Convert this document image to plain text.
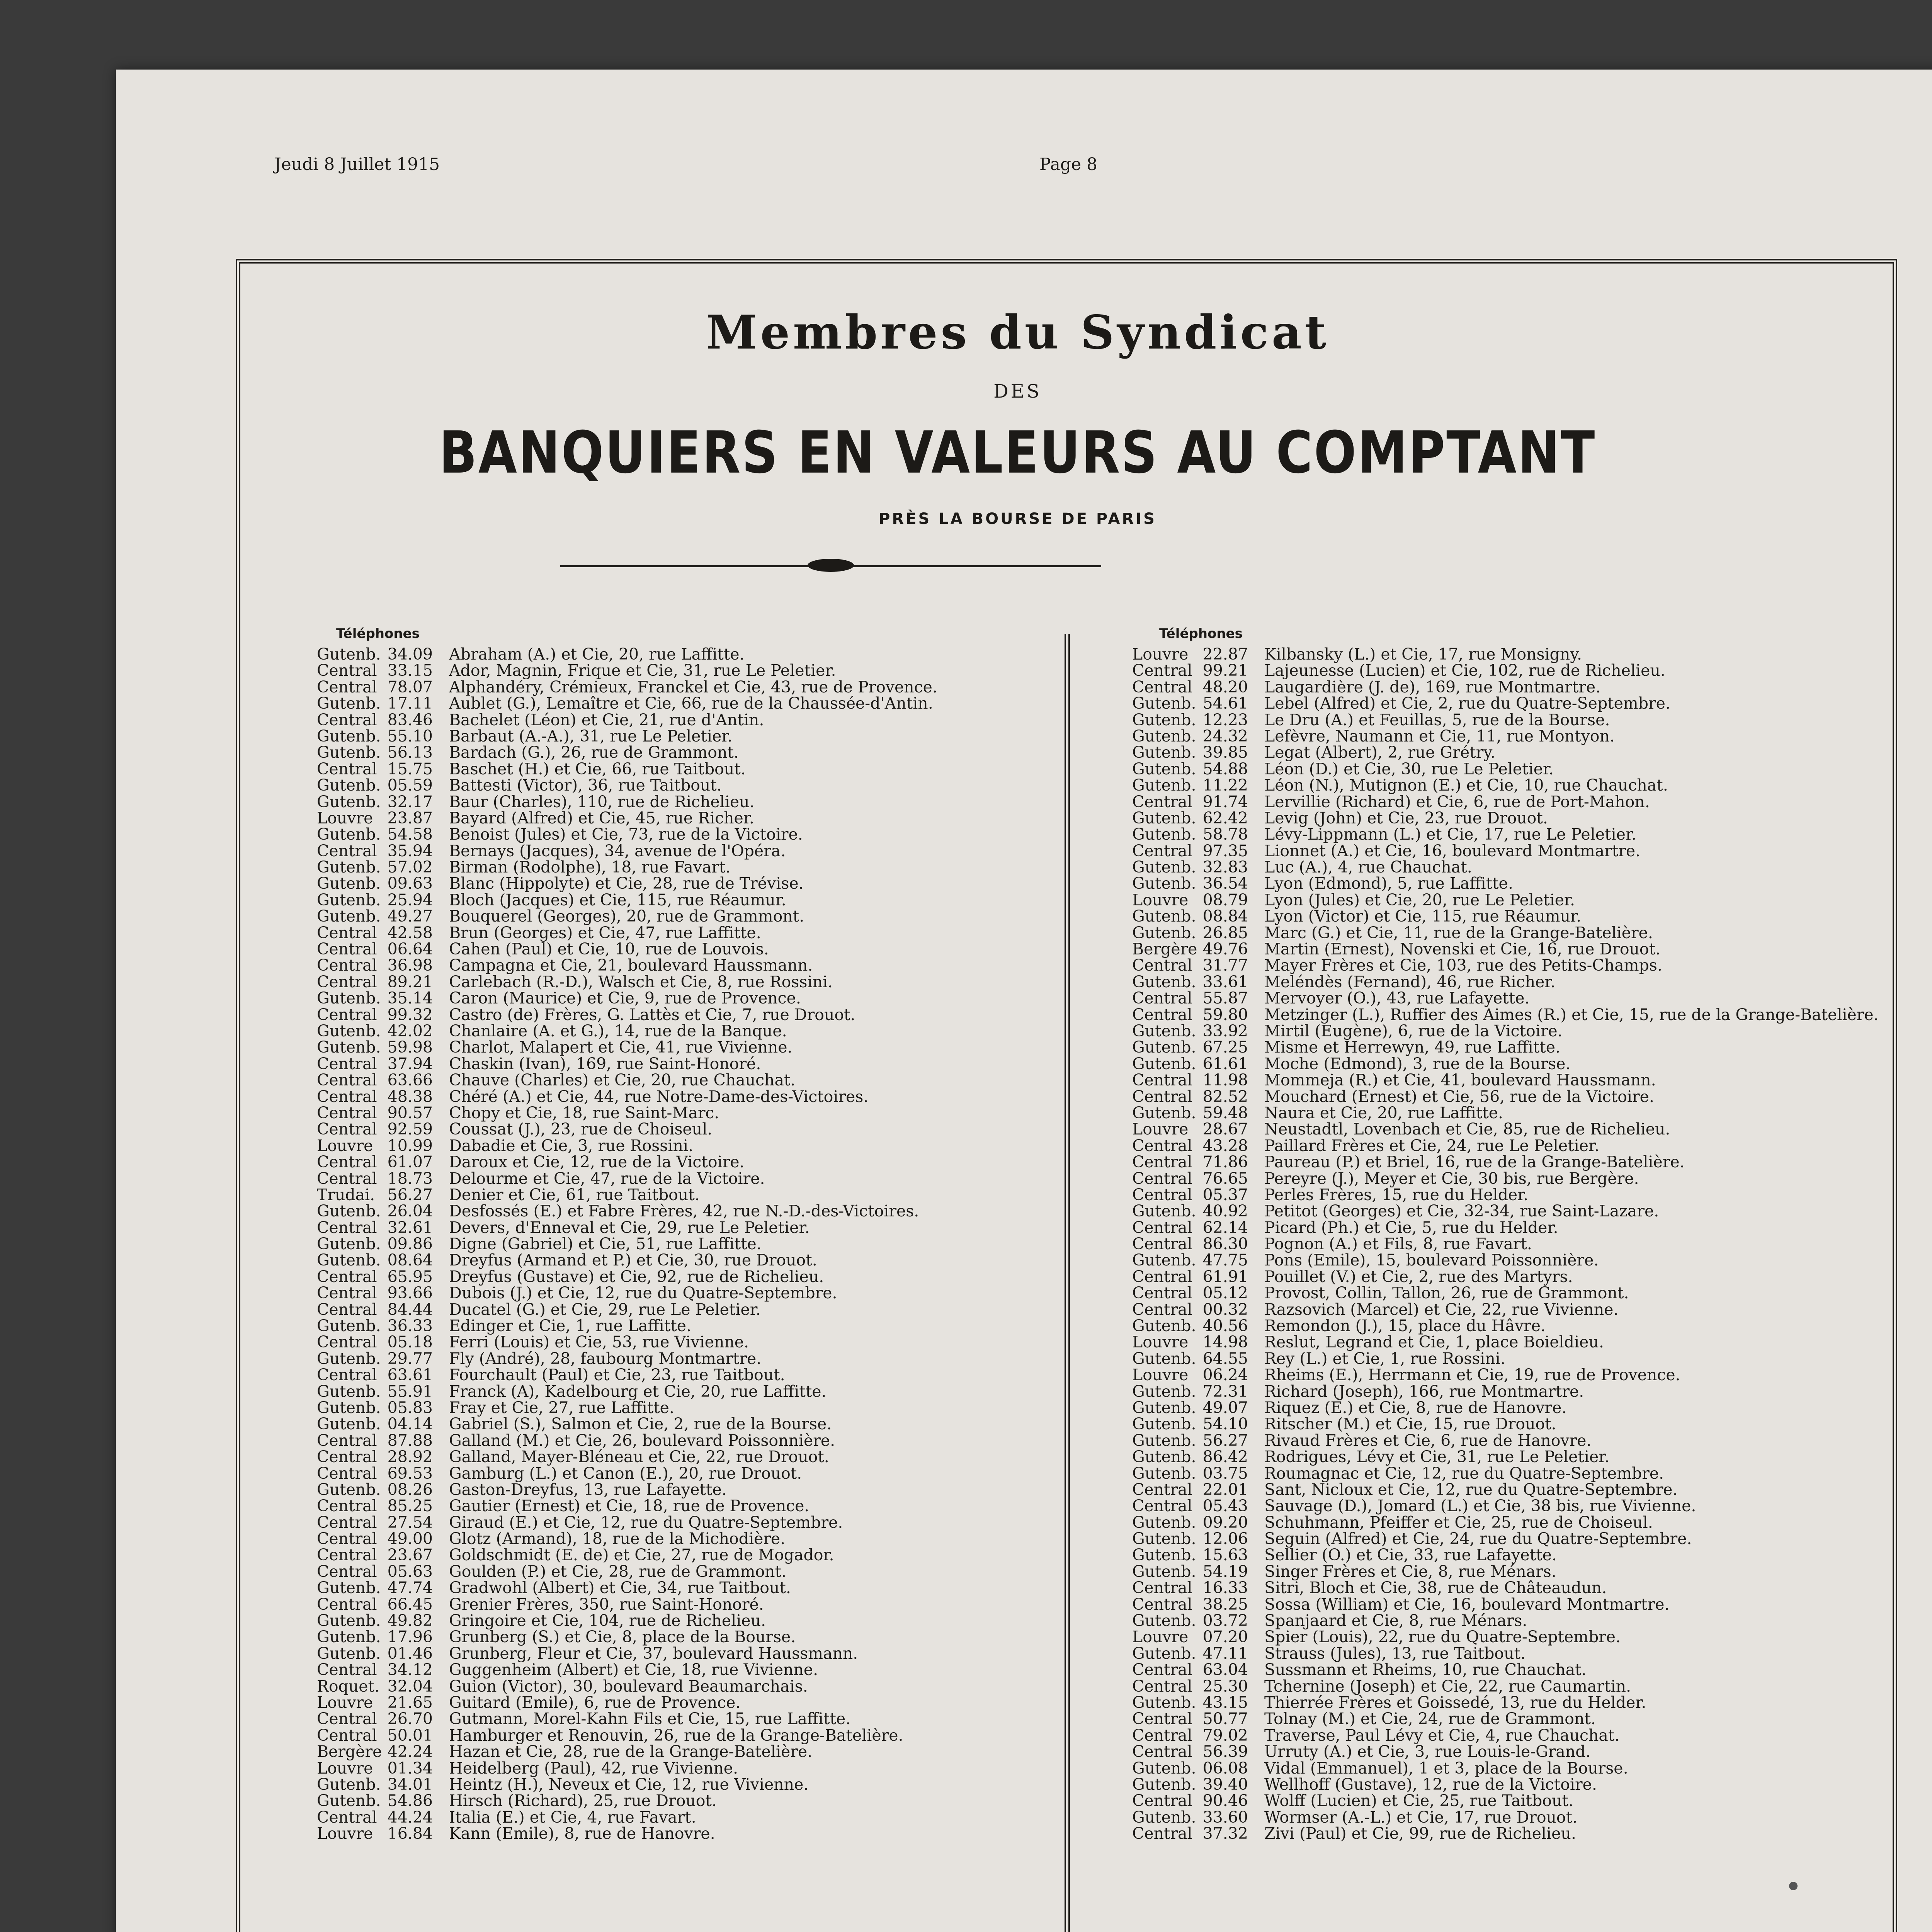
Jeudi 8 Juillet 1915	Page 8
Membres du Syndicat
DES
BANQUIERS EN VALEURS AU COMPTANT
PRÈS LA BOURSE DE PARIS
Téléphones	Téléphones
Gutenb. 34.09 Abraham (A.) et Cie, 20, rue Laffitte.
Central 33.15 Ador, Magnin, Frique et Cie, 31, rue Le Peletier.
Central 78.07 Alphandéry, Crémieux, Franckel et Cie, 43, rue de Provence.
Gutenb. 17.11 Aublet (G.), Lemaître et Cie, 66, rue de la Chaussée-d'Antin.
Central 83.46 Bachelet (Léon) et Cie, 21, rue d'Antin.
Gutenb. 55.10 Barbaut (A.-A.), 31, rue Le Peletier.
Gutenb. 56.13 Bardach (G.), 26, rue de Grammont.
Central 15.75 Baschet (H.) et Cie, 66, rue Taitbout.
Gutenb. 05.59 Battesti (Victor), 36, rue Taitbout.
Gutenb. 32.17 Baur (Charles), 110, rue de Richelieu.
Louvre 23.87 Bayard (Alfred) et Cie, 45, rue Richer.
Gutenb. 54.58 Benoist (Jules) et Cie, 73, rue de la Victoire.
Central 35.94 Bernays (Jacques), 34, avenue de l'Opéra.
Gutenb. 57.02 Birman (Rodolphe), 18, rue Favart.
Gutenb. 09.63 Blanc (Hippolyte) et Cie, 28, rue de Trévise.
Gutenb. 25.94 Bloch (Jacques) et Cie, 115, rue Réaumur.
Gutenb. 49.27 Bouquerel (Georges), 20, rue de Grammont.
Central 42.58 Brun (Georges) et Cie, 47, rue Laffitte.
Central 06.64 Cahen (Paul) et Cie, 10, rue de Louvois.
Central 36.98 Campagna et Cie, 21, boulevard Haussmann.
Central 89.21 Carlebach (R.-D.), Walsch et Cie, 8, rue Rossini.
Gutenb. 35.14 Caron (Maurice) et Cie, 9, rue de Provence.
Central 99.32 Castro (de) Frères, G. Lattès et Cie, 7, rue Drouot.
Gutenb. 42.02 Chanlaire (A. et G.), 14, rue de la Banque.
Gutenb. 59.98 Charlot, Malapert et Cie, 41, rue Vivienne.
Central 37.94 Chaskin (Ivan), 169, rue Saint-Honoré.
Central 63.66 Chauve (Charles) et Cie, 20, rue Chauchat.
Central 48.38 Chéré (A.) et Cie, 44, rue Notre-Dame-des-Victoires.
Central 90.57 Chopy et Cie, 18, rue Saint-Marc.
Central 92.59 Coussat (J.), 23, rue de Choiseul.
Louvre 10.99 Dabadie et Cie, 3, rue Rossini.
Central 61.07 Daroux et Cie, 12, rue de la Victoire.
Central 18.73 Delourme et Cie, 47, rue de la Victoire.
Trudai. 56.27 Denier et Cie, 61, rue Taitbout.
Gutenb. 26.04 Desfossés (E.) et Fabre Frères, 42, rue N.-D.-des-Victoires.
Central 32.61 Devers, d'Enneval et Cie, 29, rue Le Peletier.
Gutenb. 09.86 Digne (Gabriel) et Cie, 51, rue Laffitte.
Gutenb. 08.64 Dreyfus (Armand et P.) et Cie, 30, rue Drouot.
Central 65.95 Dreyfus (Gustave) et Cie, 92, rue de Richelieu.
Central 93.66 Dubois (J.) et Cie, 12, rue du Quatre-Septembre.
Central 84.44 Ducatel (G.) et Cie, 29, rue Le Peletier.
Gutenb. 36.33 Edinger et Cie, 1, rue Laffitte.
Central 05.18 Ferri (Louis) et Cie, 53, rue Vivienne.
Gutenb. 29.77 Fly (André), 28, faubourg Montmartre.
Central 63.61 Fourchault (Paul) et Cie, 23, rue Taitbout.
Gutenb. 55.91 Franck (A), Kadelbourg et Cie, 20, rue Laffitte.
Gutenb. 05.83 Fray et Cie, 27, rue Laffitte.
Gutenb. 04.14 Gabriel (S.), Salmon et Cie, 2, rue de la Bourse.
Central 87.88 Galland (M.) et Cie, 26, boulevard Poissonnière.
Central 28.92 Galland, Mayer-Bléneau et Cie, 22, rue Drouot.
Central 69.53 Gamburg (L.) et Canon (E.), 20, rue Drouot.
Gutenb. 08.26 Gaston-Dreyfus, 13, rue Lafayette.
Central 85.25 Gautier (Ernest) et Cie, 18, rue de Provence.
Central 27.54 Giraud (E.) et Cie, 12, rue du Quatre-Septembre.
Central 49.00 Glotz (Armand), 18, rue de la Michodière.
Central 23.67 Goldschmidt (E. de) et Cie, 27, rue de Mogador.
Central 05.63 Goulden (P.) et Cie, 28, rue de Grammont.
Gutenb. 47.74 Gradwohl (Albert) et Cie, 34, rue Taitbout.
Central 66.45 Grenier Frères, 350, rue Saint-Honoré.
Gutenb. 49.82 Gringoire et Cie, 104, rue de Richelieu.
Gutenb. 17.96 Grunberg (S.) et Cie, 8, place de la Bourse.
Gutenb. 01.46 Grunberg, Fleur et Cie, 37, boulevard Haussmann.
Central 34.12 Guggenheim (Albert) et Cie, 18, rue Vivienne.
Roquet. 32.04 Guion (Victor), 30, boulevard Beaumarchais.
Louvre 21.65 Guitard (Emile), 6, rue de Provence.
Central 26.70 Gutmann, Morel-Kahn Fils et Cie, 15, rue Laffitte.
Central 50.01 Hamburger et Renouvin, 26, rue de la Grange-Batelière.
Bergère 42.24 Hazan et Cie, 28, rue de la Grange-Batelière.
Louvre 01.34 Heidelberg (Paul), 42, rue Vivienne.
Gutenb. 34.01 Heintz (H.), Neveux et Cie, 12, rue Vivienne.
Gutenb. 54.86 Hirsch (Richard), 25, rue Drouot.
Central 44.24 Italia (E.) et Cie, 4, rue Favart.
Louvre 16.84 Kann (Emile), 8, rue de Hanovre.
Louvre 22.87 Kilbansky (L.) et Cie, 17, rue Monsigny.
Central 99.21 Lajeunesse (Lucien) et Cie, 102, rue de Richelieu.
Central 48.20 Laugardière (J. de), 169, rue Montmartre.
Gutenb. 54.61 Lebel (Alfred) et Cie, 2, rue du Quatre-Septembre.
Gutenb. 12.23 Le Dru (A.) et Feuillas, 5, rue de la Bourse.
Gutenb. 24.32 Lefèvre, Naumann et Cie, 11, rue Montyon.
Gutenb. 39.85 Legat (Albert), 2, rue Grétry.
Gutenb. 54.88 Léon (D.) et Cie, 30, rue Le Peletier.
Gutenb. 11.22 Léon (N.), Mutignon (E.) et Cie, 10, rue Chauchat.
Central 91.74 Lervillie (Richard) et Cie, 6, rue de Port-Mahon.
Gutenb. 62.42 Levig (John) et Cie, 23, rue Drouot.
Gutenb. 58.78 Lévy-Lippmann (L.) et Cie, 17, rue Le Peletier.
Central 97.35 Lionnet (A.) et Cie, 16, boulevard Montmartre.
Gutenb. 32.83 Luc (A.), 4, rue Chauchat.
Gutenb. 36.54 Lyon (Edmond), 5, rue Laffitte.
Louvre 08.79 Lyon (Jules) et Cie, 20, rue Le Peletier.
Gutenb. 08.84 Lyon (Victor) et Cie, 115, rue Réaumur.
Gutenb. 26.85 Marc (G.) et Cie, 11, rue de la Grange-Batelière.
Bergère 49.76 Martin (Ernest), Novenski et Cie, 16, rue Drouot.
Central 31.77 Mayer Frères et Cie, 103, rue des Petits-Champs.
Gutenb. 33.61 Meléndès (Fernand), 46, rue Richer.
Central 55.87 Mervoyer (O.), 43, rue Lafayette.
Central 59.80 Metzinger (L.), Ruffier des Aimes (R.) et Cie, 15, rue de la Grange-Batelière.
Gutenb. 33.92 Mirtil (Eugène), 6, rue de la Victoire.
Gutenb. 67.25 Misme et Herrewyn, 49, rue Laffitte.
Gutenb. 61.61 Moche (Edmond), 3, rue de la Bourse.
Central 11.98 Mommeja (R.) et Cie, 41, boulevard Haussmann.
Central 82.52 Mouchard (Ernest) et Cie, 56, rue de la Victoire.
Gutenb. 59.48 Naura et Cie, 20, rue Laffitte.
Louvre 28.67 Neustadtl, Lovenbach et Cie, 85, rue de Richelieu.
Central 43.28 Paillard Frères et Cie, 24, rue Le Peletier.
Central 71.86 Paureau (P.) et Briel, 16, rue de la Grange-Batelière.
Central 76.65 Pereyre (J.), Meyer et Cie, 30 bis, rue Bergère.
Central 05.37 Perles Frères, 15, rue du Helder.
Gutenb. 40.92 Petitot (Georges) et Cie, 32-34, rue Saint-Lazare.
Central 62.14 Picard (Ph.) et Cie, 5, rue du Helder.
Central 86.30 Pognon (A.) et Fils, 8, rue Favart.
Gutenb. 47.75 Pons (Emile), 15, boulevard Poissonnière.
Central 61.91 Pouillet (V.) et Cie, 2, rue des Martyrs.
Central 05.12 Provost, Collin, Tallon, 26, rue de Grammont.
Central 00.32 Razsovich (Marcel) et Cie, 22, rue Vivienne.
Gutenb. 40.56 Remondon (J.), 15, place du Hâvre.
Louvre 14.98 Reslut, Legrand et Cie, 1, place Boieldieu.
Gutenb. 64.55 Rey (L.) et Cie, 1, rue Rossini.
Louvre 06.24 Rheims (E.), Herrmann et Cie, 19, rue de Provence.
Gutenb. 72.31 Richard (Joseph), 166, rue Montmartre.
Gutenb. 49.07 Riquez (E.) et Cie, 8, rue de Hanovre.
Gutenb. 54.10 Ritscher (M.) et Cie, 15, rue Drouot.
Gutenb. 56.27 Rivaud Frères et Cie, 6, rue de Hanovre.
Gutenb. 86.42 Rodrigues, Lévy et Cie, 31, rue Le Peletier.
Gutenb. 03.75 Roumagnac et Cie, 12, rue du Quatre-Septembre.
Central 22.01 Sant, Nicloux et Cie, 12, rue du Quatre-Septembre.
Central 05.43 Sauvage (D.), Jomard (L.) et Cie, 38 bis, rue Vivienne.
Gutenb. 09.20 Schuhmann, Pfeiffer et Cie, 25, rue de Choiseul.
Gutenb. 12.06 Seguin (Alfred) et Cie, 24, rue du Quatre-Septembre.
Gutenb. 15.63 Sellier (O.) et Cie, 33, rue Lafayette.
Gutenb. 54.19 Singer Frères et Cie, 8, rue Ménars.
Central 16.33 Sitri, Bloch et Cie, 38, rue de Châteaudun.
Central 38.25 Sossa (William) et Cie, 16, boulevard Montmartre.
Gutenb. 03.72 Spanjaard et Cie, 8, rue Ménars.
Louvre 07.20 Spier (Louis), 22, rue du Quatre-Septembre.
Gutenb. 47.11 Strauss (Jules), 13, rue Taitbout.
Central 63.04 Sussmann et Rheims, 10, rue Chauchat.
Central 25.30 Tchernine (Joseph) et Cie, 22, rue Caumartin.
Gutenb. 43.15 Thierrée Frères et Goissedé, 13, rue du Helder.
Central 50.77 Tolnay (M.) et Cie, 24, rue de Grammont.
Central 79.02 Traverse, Paul Lévy et Cie, 4, rue Chauchat.
Central 56.39 Urruty (A.) et Cie, 3, rue Louis-le-Grand.
Gutenb. 06.08 Vidal (Emmanuel), 1 et 3, place de la Bourse.
Gutenb. 39.40 Wellhoff (Gustave), 12, rue de la Victoire.
Central 90.46 Wolff (Lucien) et Cie, 25, rue Taitbout.
Gutenb. 33.60 Wormser (A.-L.) et Cie, 17, rue Drouot.
Central 37.32 Zivi (Paul) et Cie, 99, rue de Richelieu.
